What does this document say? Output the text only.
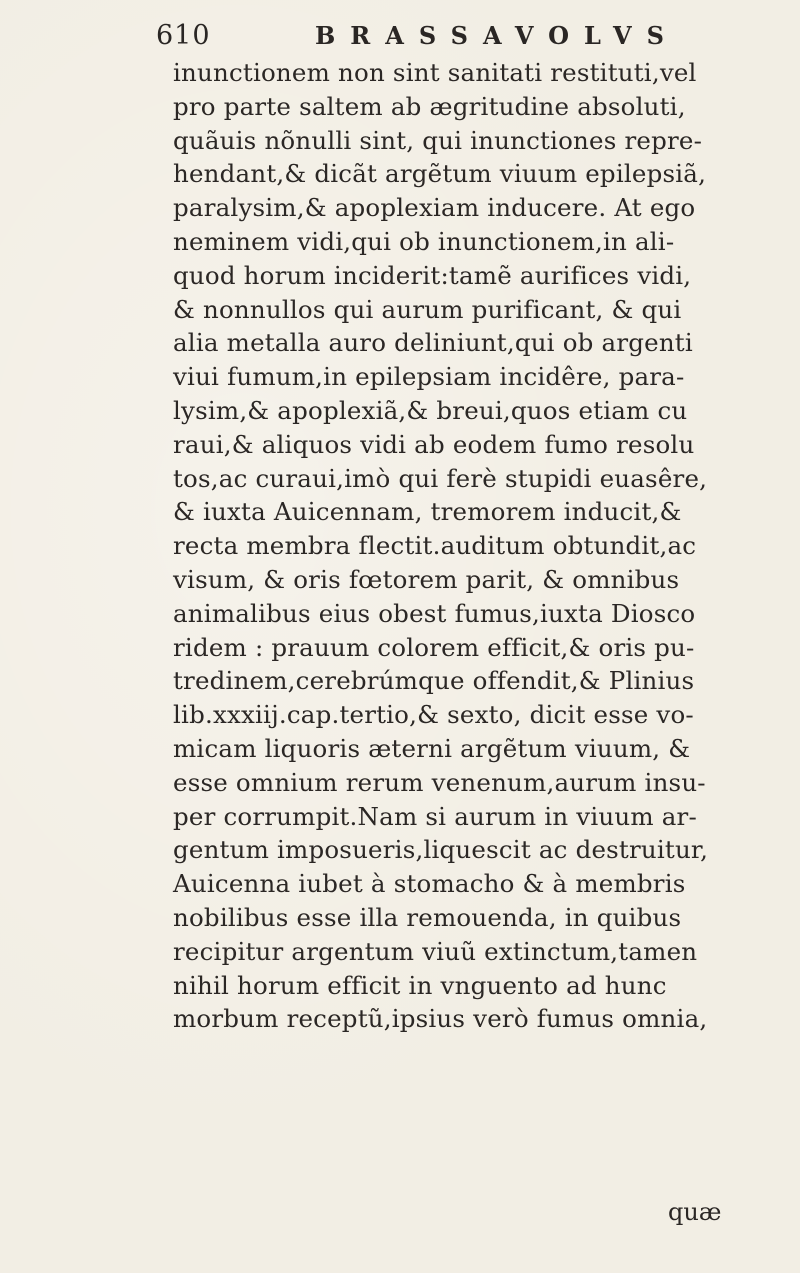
610	BRASSAVOLVS
inunctionem non sint sanitati restituti,vel
pro parte saltem ab ægritudine absoluti,
quãuis nõnulli sint, qui inunctiones repre-
hendant,& dicãt argẽtum viuum epilepsiã,
paralysim,& apoplexiam inducere. At ego
neminem vidi,qui ob inunctionem,in ali-
quod horum inciderit:tamẽ aurifices vidi,
& nonnullos qui aurum purificant, & qui
alia metalla auro deliniunt,qui ob argenti
viui fumum,in epilepsiam incidêre, para-
lysim,& apoplexiã,& breui,quos etiam cu
raui,& aliquos vidi ab eodem fumo resolu
tos,ac curaui,imò qui ferè stupidi euasêre,
& iuxta Auicennam, tremorem inducit,&
recta membra flectit.auditum obtundit,ac
visum, & oris fœtorem parit, & omnibus
animalibus eius obest fumus,iuxta Diosco
ridem : prauum colorem efficit,& oris pu-
tredinem,cerebrúmque offendit,& Plinius
lib.xxxiij.cap.tertio,& sexto, dicit esse vo-
micam liquoris æterni argẽtum viuum, &
esse omnium rerum venenum,aurum insu-
per corrumpit.Nam si aurum in viuum ar-
gentum imposueris,liquescit ac destruitur,
Auicenna iubet à stomacho & à membris
nobilibus esse illa remouenda, in quibus
recipitur argentum viuũ extinctum,tamen
nihil horum efficit in vnguento ad hunc
morbum receptũ,ipsius verò fumus omnia,
quæ
